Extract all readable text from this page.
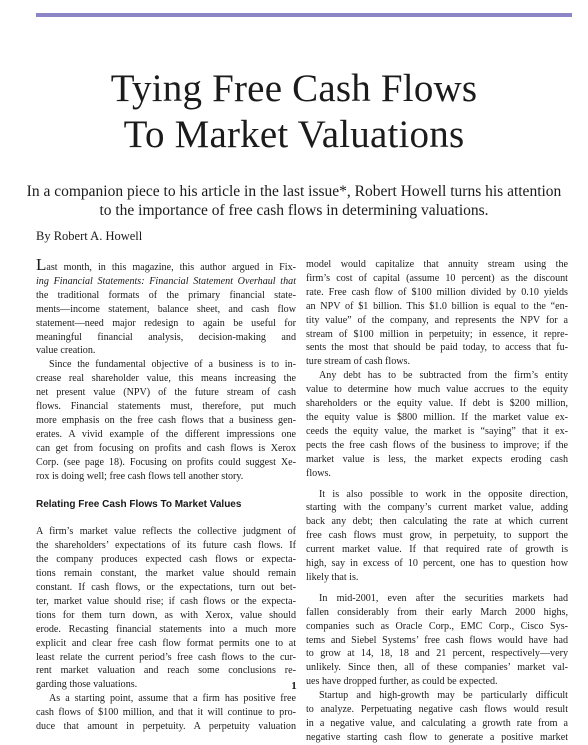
Tying Free Cash Flows
To Market Valuations

In a companion piece to his article in the last issue*, Robert Howell turns his attention
to the importance of free cash flows in determining valuations.

By Robert A. Howell

Last month, in this magazine, this author argued in Fix-
ing Financial Statements: Financial Statement Overhaul that
the traditional formats of the primary financial state-
ments—income statement, balance sheet, and cash flow
statement—need major redesign to again be useful for
meaningful financial analysis, decision-making and
value creation.

Since the fundamental objective of a business is to in-
crease real shareholder value, this means increasing the
net present value (NPV) of the future stream of cash
flows. Financial statements must, therefore, put much
more emphasis on the free cash flows that a business gen-
erates. A vivid example of the different impressions one
can get from focusing on profits and cash flows is Xerox
Corp. (see page 18). Focusing on profits could suggest Xe-
rox is doing well; free cash flows tell another story.

Relating Free Cash Flows To Market Values

A firm’s market value reflects the collective judgment of
the shareholders’ expectations of its future cash flows. If
the company produces expected cash flows or expecta-
tions remain constant, the market value should remain
constant. If cash flows, or the expectations, turn out bet-
ter, market value should rise; if cash flows or the expecta-
tions for them turn down, as with Xerox, value should
erode. Recasting financial statements into a much more
explicit and clear free cash flow format permits one to at
least relate the current period’s free cash flows to the cur-
rent market valuation and reach some conclusions re-
garding those valuations.

As a starting point, assume that a firm has positive free
cash flows of $100 million, and that it will continue to pro-
duce that amount in perpetuity. A perpetuity valuation

model would capitalize that annuity stream using the
firm’s cost of capital (assume 10 percent) as the discount
rate. Free cash flow of $100 million divided by 0.10 yields
an NPV of $1 billion. This $1.0 billion is equal to the “en-
tity value” of the company, and represents the NPV for a
stream of $100 million in perpetuity; in essence, it repre-
sents the most that should be paid today, to access that fu-
ture stream of cash flows.

Any debt has to be subtracted from the firm’s entity
value to determine how much value accrues to the equity
shareholders or the equity value. If debt is $200 million,
the equity value is $800 million. If the market value ex-
ceeds the equity value, the market is “saying” that it ex-
pects the free cash flows of the business to improve; if the
market value is less, the market expects eroding cash
flows.

It is also possible to work in the opposite direction,
starting with the company’s current market value, adding
back any debt; then calculating the rate at which current
free cash flows must grow, in perpetuity, to support the
current market value. If that required rate of growth is
high, say in excess of 10 percent, one has to question how
likely that is.

In mid-2001, even after the securities markets had
fallen considerably from their early March 2000 highs,
companies such as Oracle Corp., EMC Corp., Cisco Sys-
tems and Siebel Systems’ free cash flows would have had
to grow at 14, 18, 18 and 21 percent, respectively—very
unlikely. Since then, all of these companies’ market val-
ues have dropped further, as could be expected.

Startup and high-growth may be particularly difficult
to analyze. Perpetuating negative cash flows would result
in a negative value, and calculating a growth rate from a
negative starting cash flow to generate a positive market

1
